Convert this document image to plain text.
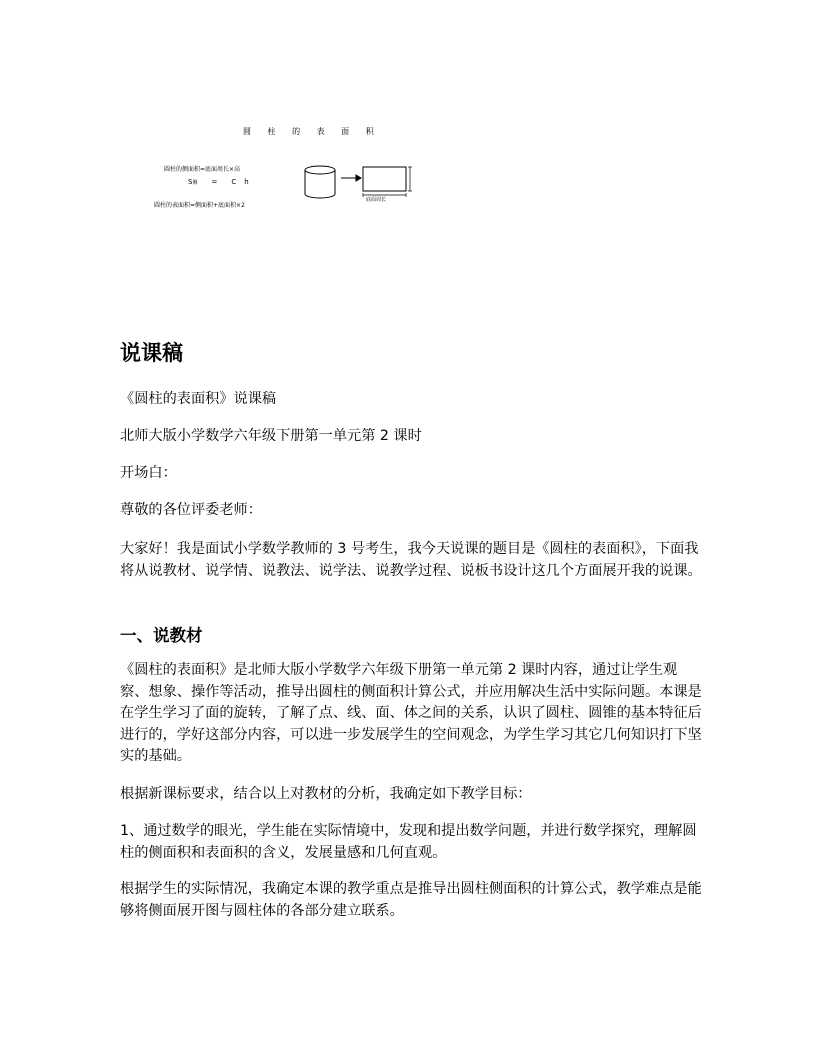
圆 柱 的 表 面 积
圆柱的侧面积=底面周长×高
S侧 = C h
圆柱的表面积=侧面积+底面积×2
底面周长
说课稿

《圆柱的表面积》说课稿

北师大版小学数学六年级下册第一单元第 2 课时

开场白：

尊敬的各位评委老师：

大家好！我是面试小学数学教师的 3 号考生，我今天说课的题目是《圆柱的表面积》，下面我将从说教材、说学情、说教法、说学法、说教学过程、说板书设计这几个方面展开我的说课。

一、说教材

《圆柱的表面积》是北师大版小学数学六年级下册第一单元第 2 课时内容，通过让学生观察、想象、操作等活动，推导出圆柱的侧面积计算公式，并应用解决生活中实际问题。本课是在学生学习了面的旋转，了解了点、线、面、体之间的关系，认识了圆柱、圆锥的基本特征后进行的，学好这部分内容，可以进一步发展学生的空间观念，为学生学习其它几何知识打下坚实的基础。

根据新课标要求，结合以上对教材的分析，我确定如下教学目标：

1、通过数学的眼光，学生能在实际情境中，发现和提出数学问题，并进行数学探究，理解圆柱的侧面积和表面积的含义，发展量感和几何直观。

根据学生的实际情况，我确定本课的教学重点是推导出圆柱侧面积的计算公式，教学难点是能够将侧面展开图与圆柱体的各部分建立联系。
